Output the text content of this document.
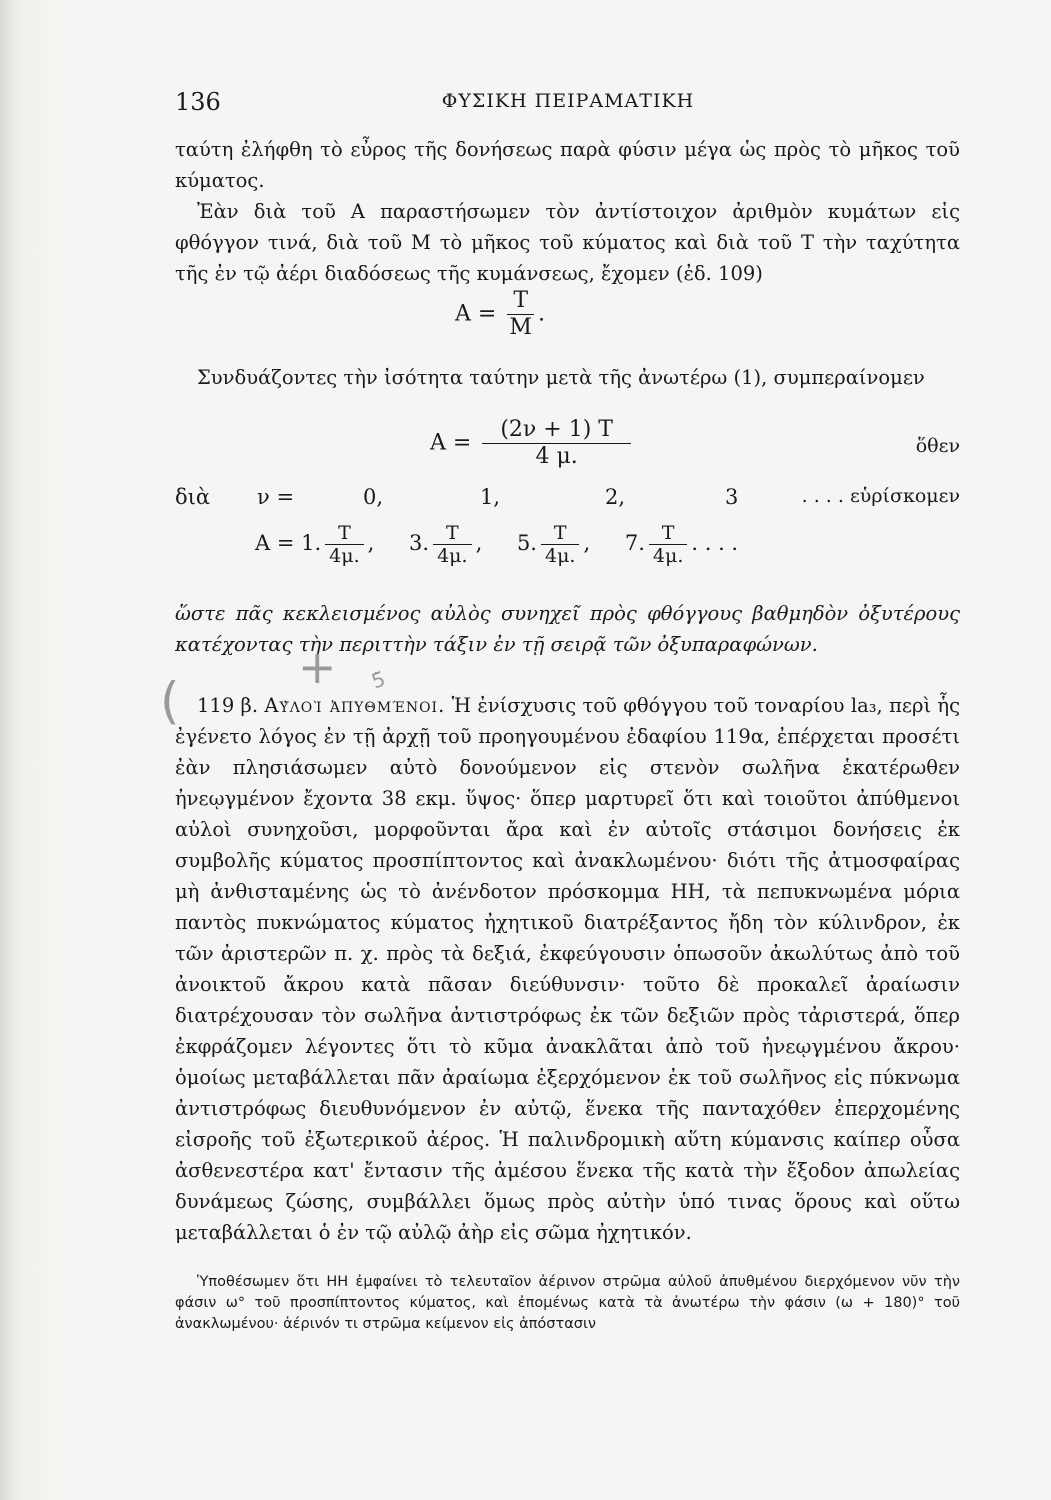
136	ΦΥΣΙΚΗ ΠΕΙΡΑΜΑΤΙΚΗ

ταύτη ἐλήφθη τὸ εὖρος τῆς δονήσεως παρὰ φύσιν μέγα ὡς πρὸς τὸ μῆκος τοῦ κύματος.

Ἐὰν διὰ τοῦ A παραστήσωμεν τὸν ἀντίστοιχον ἀριθμὸν κυμάτων εἰς φθόγγον τινά, διὰ τοῦ M τὸ μῆκος τοῦ κύματος καὶ διὰ τοῦ T τὴν ταχύτητα τῆς ἐν τῷ ἀέρι διαδόσεως τῆς κυμάνσεως, ἔχομεν (ἐδ. 109)

$A = \frac{T}{M}$ .

Συνδυάζοντες τὴν ἰσότητα ταύτην μετὰ τῆς ἀνωτέρω (1), συμπεραίνομεν

$A = \frac{(2\nu + 1) T}{4 \mu.}$	ὅθεν
διὰ ν =	0,	1,	2,	3	. . . . εὑρίσκομεν
A = 1. $\frac{T}{4\mu.}$ , 3. $\frac{T}{4\mu.}$ , 5. $\frac{T}{4\mu.}$ , 7. $\frac{T}{4\mu.}$ . . . .

ὥστε πᾶς κεκλεισμένος αὐλὸς συνηχεῖ πρὸς φθόγγους βαθμηδὸν ὀξυτέρους κατέχοντας τὴν περιττὴν τάξιν ἐν τῇ σειρᾷ τῶν ὀξυπαραφώνων.

+ 5̃
( 119 β. Αὐλοὶ ἀπυθμένοι. Ἡ ἐνίσχυσις τοῦ φθόγγου τοῦ τοναρίου la₃, περὶ ἧς ἐγένετο λόγος ἐν τῇ ἀρχῇ τοῦ προηγουμένου ἐδαφίου 119α, ἐπέρχεται προσέτι ἐὰν πλησιάσωμεν αὐτὸ δονούμενον εἰς στενὸν σωλῆνα ἑκατέρωθεν ἠνεῳγμένον ἔχοντα 38 εκμ. ὕψος· ὅπερ μαρτυρεῖ ὅτι καὶ τοιοῦτοι ἀπύθμενοι αὐλοὶ συνηχοῦσι, μορφοῦνται ἄρα καὶ ἐν αὐτοῖς στάσιμοι δονήσεις ἐκ συμβολῆς κύματος προσπίπτοντος καὶ ἀνακλωμένου· διότι τῆς ἀτμοσφαίρας μὴ ἀνθισταμένης ὡς τὸ ἀνένδοτον πρόσκομμα HH, τὰ πεπυκνωμένα μόρια παντὸς πυκνώματος κύματος ἠχητικοῦ διατρέξαντος ἤδη τὸν κύλινδρον, ἐκ τῶν ἀριστερῶν π. χ. πρὸς τὰ δεξιά, ἐκφεύγουσιν ὁπωσοῦν ἀκωλύτως ἀπὸ τοῦ ἀνοικτοῦ ἄκρου κατὰ πᾶσαν διεύθυνσιν· τοῦτο δὲ προκαλεῖ ἀραίωσιν διατρέχουσαν τὸν σωλῆνα ἀντιστρόφως ἐκ τῶν δεξιῶν πρὸς τἀριστερά, ὅπερ ἐκφράζομεν λέγοντες ὅτι τὸ κῦμα ἀνακλᾶται ἀπὸ τοῦ ἠνεῳγμένου ἄκρου· ὁμοίως μεταβάλλεται πᾶν ἀραίωμα ἐξερχόμενον ἐκ τοῦ σωλῆνος εἰς πύκνωμα ἀντιστρόφως διευθυνόμενον ἐν αὐτῷ, ἕνεκα τῆς πανταχόθεν ἐπερχομένης εἰσροῆς τοῦ ἐξωτερικοῦ ἀέρος. Ἡ παλινδρομικὴ αὕτη κύμανσις καίπερ οὖσα ἀσθενεστέρα κατ' ἔντασιν τῆς ἀμέσου ἕνεκα τῆς κατὰ τὴν ἔξοδον ἀπωλείας δυνάμεως ζώσης, συμβάλλει ὅμως πρὸς αὐτὴν ὑπό τινας ὅρους καὶ οὕτω μεταβάλλεται ὁ ἐν τῷ αὐλῷ ἀὴρ εἰς σῶμα ἠχητικόν.

Ὑποθέσωμεν ὅτι HH ἐμφαίνει τὸ τελευταῖον ἀέρινον στρῶμα αὐλοῦ ἀπυθμένου διερχόμενον νῦν τὴν φάσιν ω° τοῦ προσπίπτοντος κύματος, καὶ ἐπομένως κατὰ τὰ ἀνωτέρω τὴν φάσιν (ω + 180)° τοῦ ἀνακλωμένου· ἀέρινόν τι στρῶμα κείμενον εἰς ἀπόστασιν
